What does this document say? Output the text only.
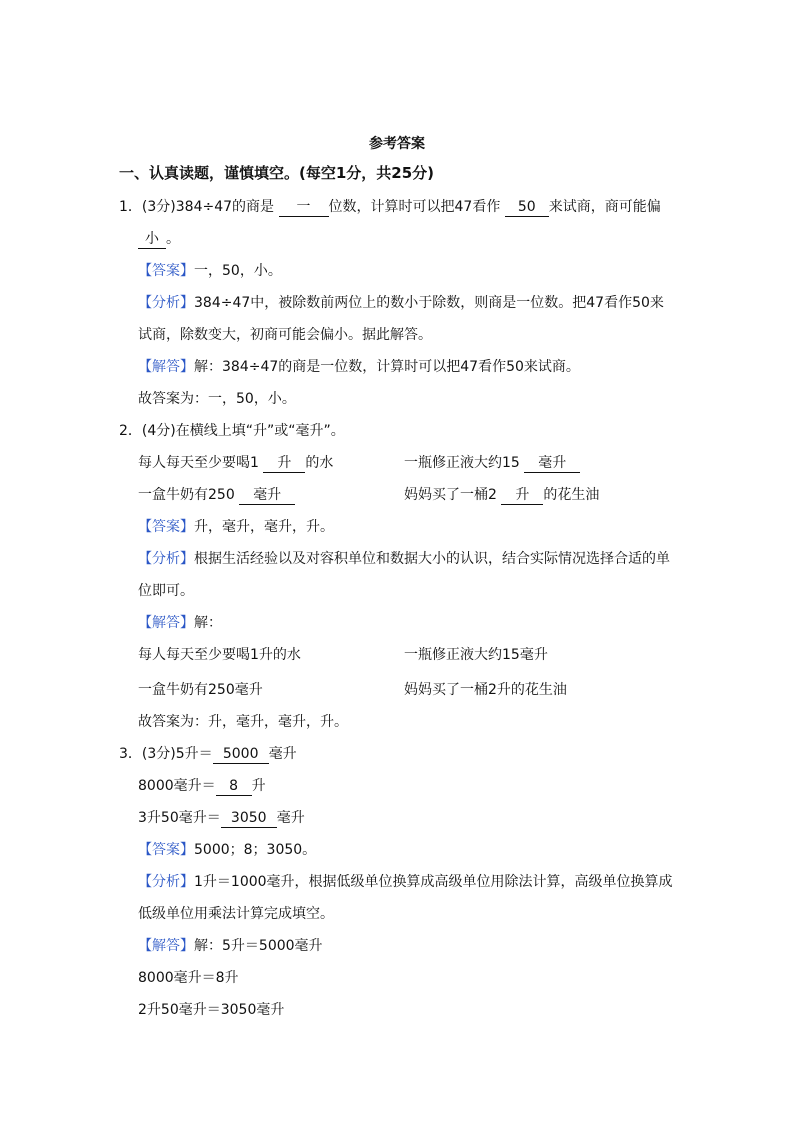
参考答案
一、认真读题，谨慎填空。(每空1分，共25分)
1．(3分)384÷47的商是 一 位数，计算时可以把47看作 50 来试商，商可能偏
小 。
【答案】一，50，小。
【分析】384÷47中，被除数前两位上的数小于除数，则商是一位数。把47看作50来
试商，除数变大，初商可能会偏小。据此解答。
【解答】解：384÷47的商是一位数，计算时可以把47看作50来试商。
故答案为：一，50，小。
2．(4分)在横线上填“升”或“毫升”。
每人每天至少要喝1 升 的水	一瓶修正液大约15 毫升
一盒牛奶有250 毫升	妈妈买了一桶2 升 的花生油
【答案】升，毫升，毫升，升。
【分析】根据生活经验以及对容积单位和数据大小的认识，结合实际情况选择合适的单
位即可。
【解答】解：
每人每天至少要喝1升的水	一瓶修正液大约15毫升
一盒牛奶有250毫升	妈妈买了一桶2升的花生油
故答案为：升，毫升，毫升，升。
3．(3分)5升＝ 5000 毫升
8000毫升＝ 8 升
3升50毫升＝ 3050 毫升
【答案】5000；8；3050。
【分析】1升＝1000毫升，根据低级单位换算成高级单位用除法计算，高级单位换算成
低级单位用乘法计算完成填空。
【解答】解：5升＝5000毫升
8000毫升＝8升
2升50毫升＝3050毫升
